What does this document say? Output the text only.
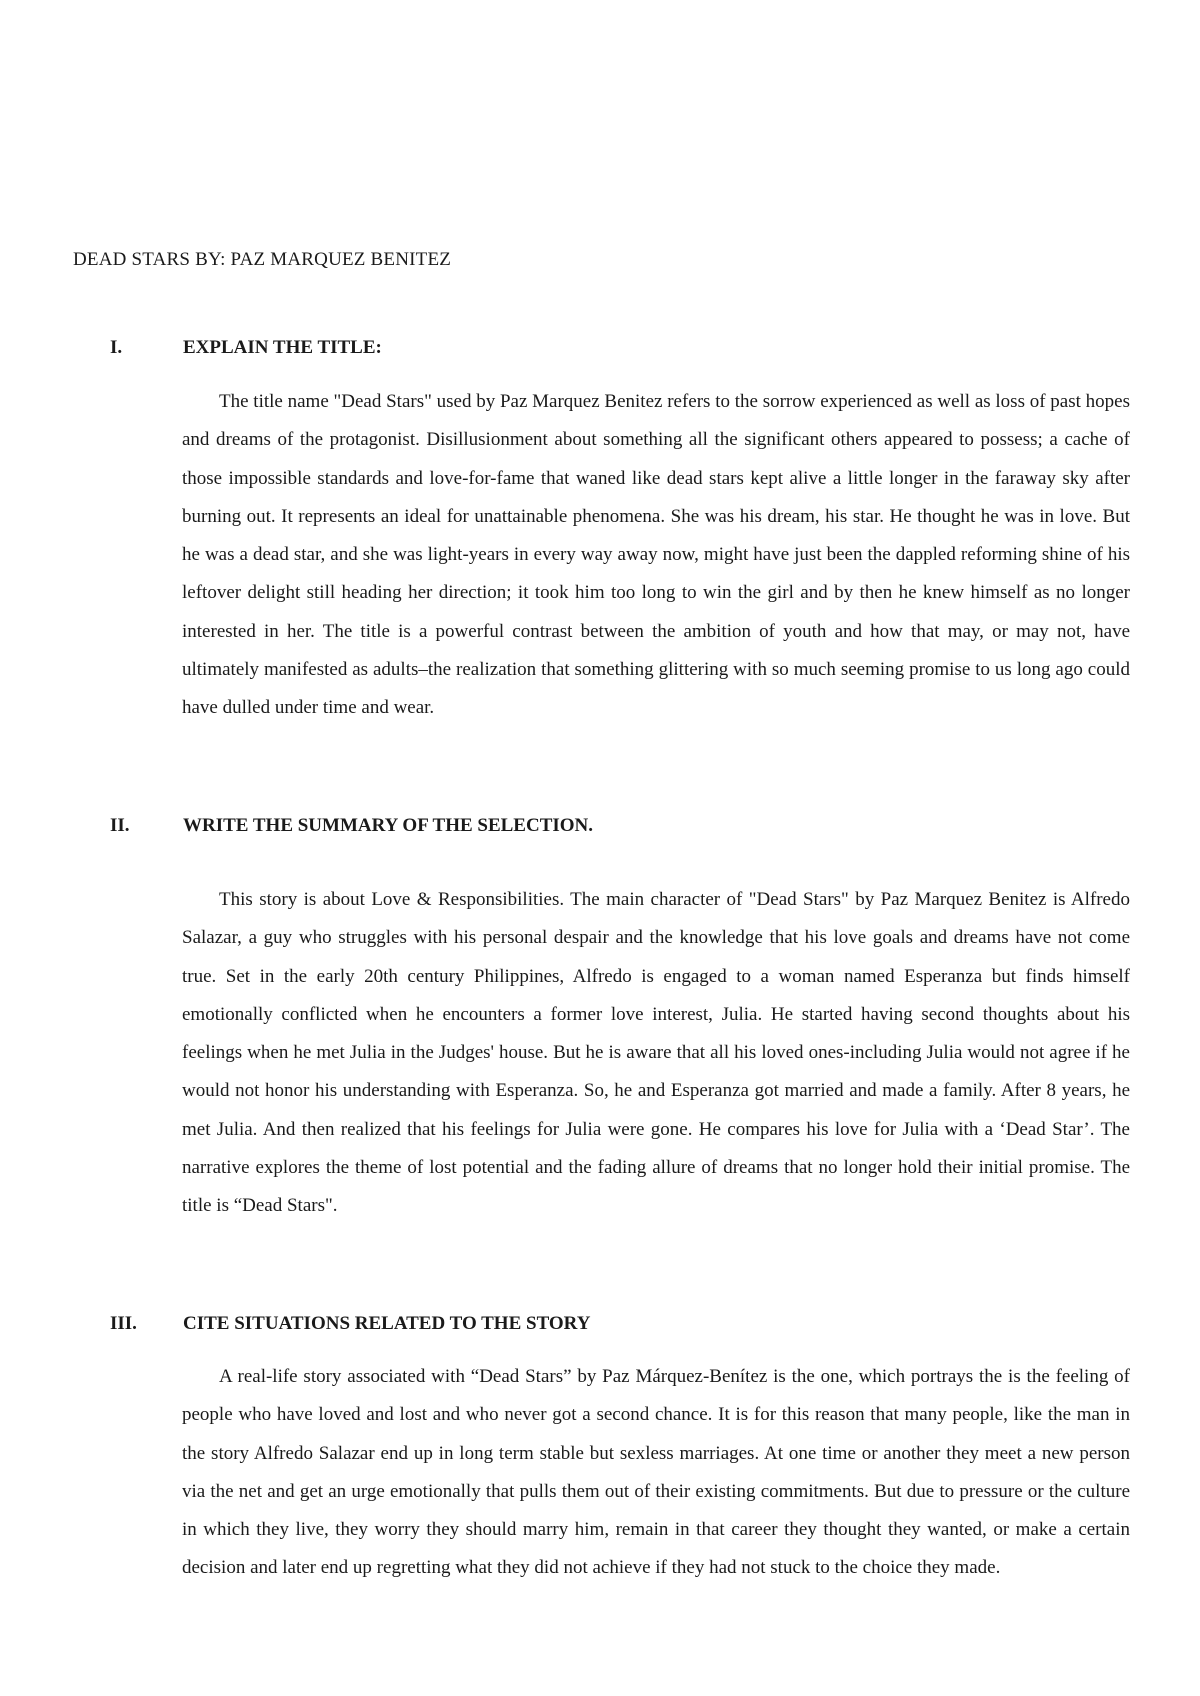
DEAD STARS BY: PAZ MARQUEZ BENITEZ
I.	EXPLAIN THE TITLE:

The title name "Dead Stars" used by Paz Marquez Benitez refers to the sorrow experienced as well as loss of past hopes and dreams of the protagonist. Disillusionment about something all the significant others appeared to possess; a cache of those impossible standards and love-for-fame that waned like dead stars kept alive a little longer in the faraway sky after burning out. It represents an ideal for unattainable phenomena. She was his dream, his star. He thought he was in love. But he was a dead star, and she was light-years in every way away now, might have just been the dappled reforming shine of his leftover delight still heading her direction; it took him too long to win the girl and by then he knew himself as no longer interested in her. The title is a powerful contrast between the ambition of youth and how that may, or may not, have ultimately manifested as adults–the realization that something glittering with so much seeming promise to us long ago could have dulled under time and wear.

II.	WRITE THE SUMMARY OF THE SELECTION.

This story is about Love & Responsibilities. The main character of "Dead Stars" by Paz Marquez Benitez is Alfredo Salazar, a guy who struggles with his personal despair and the knowledge that his love goals and dreams have not come true. Set in the early 20th century Philippines, Alfredo is engaged to a woman named Esperanza but finds himself emotionally conflicted when he encounters a former love interest, Julia. He started having second thoughts about his feelings when he met Julia in the Judges' house. But he is aware that all his loved ones-including Julia would not agree if he would not honor his understanding with Esperanza. So, he and Esperanza got married and made a family. After 8 years, he met Julia. And then realized that his feelings for Julia were gone. He compares his love for Julia with a ‘Dead Star’. The narrative explores the theme of lost potential and the fading allure of dreams that no longer hold their initial promise. The title is “Dead Stars".

III. CITE SITUATIONS RELATED TO THE STORY

A real-life story associated with “Dead Stars” by Paz Márquez-Benítez is the one, which portrays the is the feeling of people who have loved and lost and who never got a second chance. It is for this reason that many people, like the man in the story Alfredo Salazar end up in long term stable but sexless marriages. At one time or another they meet a new person via the net and get an urge emotionally that pulls them out of their existing commitments. But due to pressure or the culture in which they live, they worry they should marry him, remain in that career they thought they wanted, or make a certain decision and later end up regretting what they did not achieve if they had not stuck to the choice they made.
